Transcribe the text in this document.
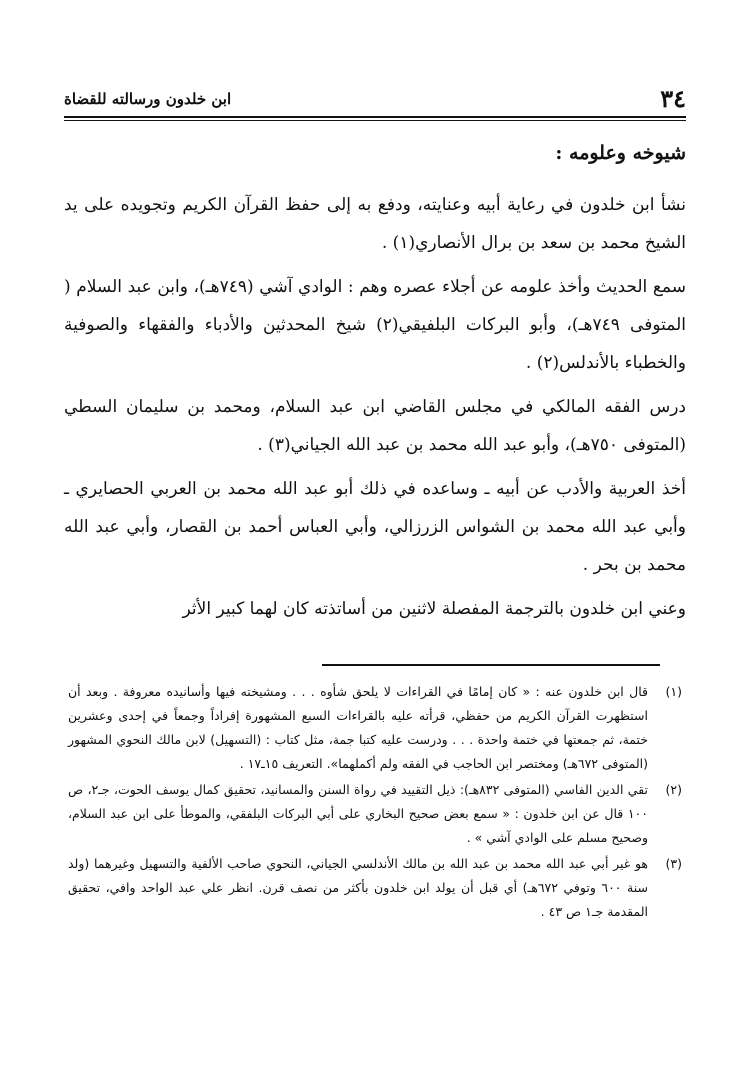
٣٤
ابن خلدون ورسالته للقضاة
شيوخه وعلومه :

نشأ ابن خلدون في رعاية أبيه وعنايته، ودفع به إلى حفظ القرآن الكريم وتجويده على يد الشيخ محمد بن سعد بن برال الأنصاري(١) .

سمع الحديث وأخذ علومه عن أجلاء عصره وهم : الوادي آشي (٧٤٩هـ)، وابن عبد السلام ( المتوفى ٧٤٩هـ)، وأبو البركات البلفيقي(٢) شيخ المحدثين والأدباء والفقهاء والصوفية والخطباء بالأندلس(٢) .

درس الفقه المالكي في مجلس القاضي ابن عبد السلام، ومحمد بن سليمان السطي (المتوفى ٧٥٠هـ)، وأبو عبد الله محمد بن عبد الله الجياني(٣) .

أخذ العربية والأدب عن أبيه ـ وساعده في ذلك أبو عبد الله محمد بن العربي الحصايري ـ وأبي عبد الله محمد بن الشواس الزرزالي، وأبي العباس أحمد بن القصار، وأبي عبد الله محمد بن بحر .

وعني ابن خلدون بالترجمة المفصلة لاثنين من أساتذته كان لهما كبير الأثر

(١)
قال ابن خلدون عنه : « كان إمامًا في القراءات لا يلحق شأوه . . . ومشيخته فيها وأسانيده معروفة . وبعد أن استظهرت القرآن الكريم من حفظي، قرأته عليه بالقراءات السبع المشهورة إفراداً وجمعاً في إحدى وعشرين ختمة، ثم جمعتها في ختمة واحدة . . . ودرست عليه كتبا جمة، مثل كتاب : (التسهيل) لابن مالك النحوي المشهور (المتوفى ٦٧٢هـ) ومختصر ابن الحاجب في الفقه ولم أكملهما». التعريف ١٥ـ١٧ .
(٢)
تقي الدين الفاسي (المتوفى ٨٣٢هـ): ذيل التقييد في رواة السنن والمسانيد، تحقيق كمال يوسف الحوت، جـ٢، ص ١٠٠ قال عن ابن خلدون : « سمع بعض صحيح البخاري على أبي البركات البلفقي، والموطأ على ابن عبد السلام، وصحيح مسلم على الوادي آشي » .
(٣)
هو غير أبي عبد الله محمد بن عبد الله بن مالك الأندلسي الجياني، النحوي صاحب الألفية والتسهيل وغيرهما (ولد سنة ٦٠٠ وتوفي ٦٧٢هـ) أي قبل أن يولد ابن خلدون بأكثر من نصف قرن. انظر علي عبد الواحد وافي، تحقيق المقدمة جـ١ ص ٤٣ .
